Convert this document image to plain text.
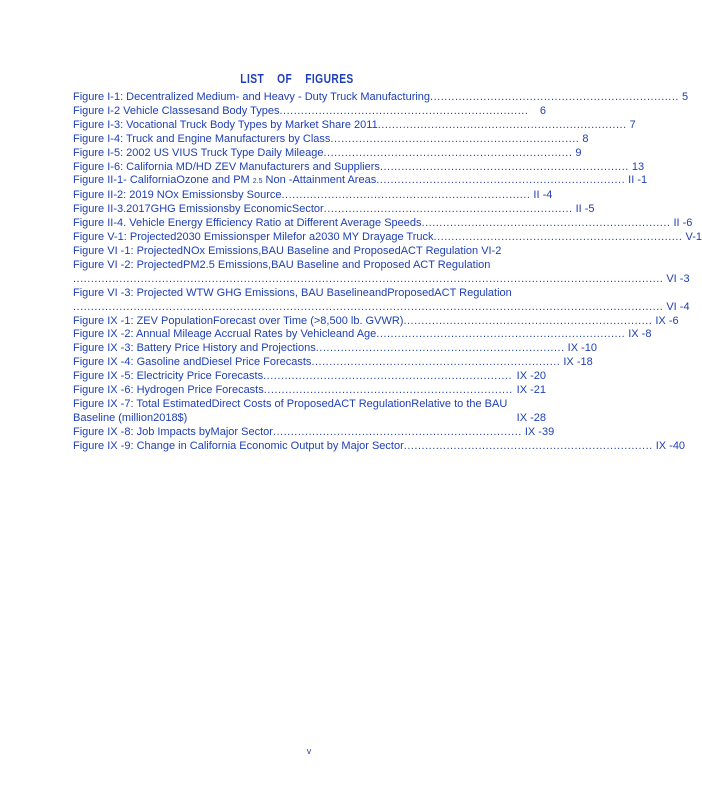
LIST    OF    FIGURES
Figure I-1: Decentralized Medium- and Heavy - Duty Truck Manufacturing ...................................................................... 5
Figure I-2 Vehicle Classesand Body Types ......................................................................	6
Figure I-3: Vocational Truck Body Types by Market Share 2011 ...................................................................... 7
Figure I-4: Truck and Engine Manufacturers by Class ...................................................................... 8
Figure I-5: 2002 US VIUS Truck Type Daily Mileage ...................................................................... 9
Figure I-6: California MD/HD ZEV Manufacturers and Suppliers ...................................................................... 13
Figure II-1- CaliforniaOzone and PM 2.5 Non -Attainment Areas ...................................................................... II -1
Figure II-2: 2019 NOx Emissionsby Source ...................................................................... II -4
Figure II-3.2017GHG Emissionsby EconomicSector ...................................................................... II -5
Figure II-4. Vehicle Energy Efficiency Ratio at Different Average Speeds ...................................................................... II -6
Figure V-1: Projected2030 Emissionsper Milefor a2030 MY Drayage Truck ...................................................................... V-1
Figure VI -1: ProjectedNOx Emissions,BAU Baseline and ProposedACT Regulation VI-2
Figure VI -2: ProjectedPM2.5 Emissions,BAU Baseline and Proposed ACT Regulation
...................................................................................................................................................................... VI -3
Figure VI -3: Projected WTW GHG Emissions, BAU BaselineandProposedACT Regulation
...................................................................................................................................................................... VI -4
Figure IX -1: ZEV PopulationForecast over Time (>8,500 lb. GVWR) ...................................................................... IX -6
Figure IX -2: Annual Mileage Accrual Rates by Vehicleand Age ...................................................................... IX -8
Figure IX -3: Battery Price History and Projections ...................................................................... IX -10
Figure IX -4: Gasoline andDiesel Price Forecasts ...................................................................... IX -18
Figure IX -5: Electricity Price Forecasts ...................................................................... IX -20
Figure IX -6: Hydrogen Price Forecasts ...................................................................... IX -21
Figure IX -7: Total EstimatedDirect Costs of ProposedACT RegulationRelative to the BAU Baseline (million2018$)	IX -28
Figure IX -8: Job Impacts byMajor Sector ...................................................................... IX -39
Figure IX -9: Change in California Economic Output by Major Sector ...................................................................... IX -40
v
